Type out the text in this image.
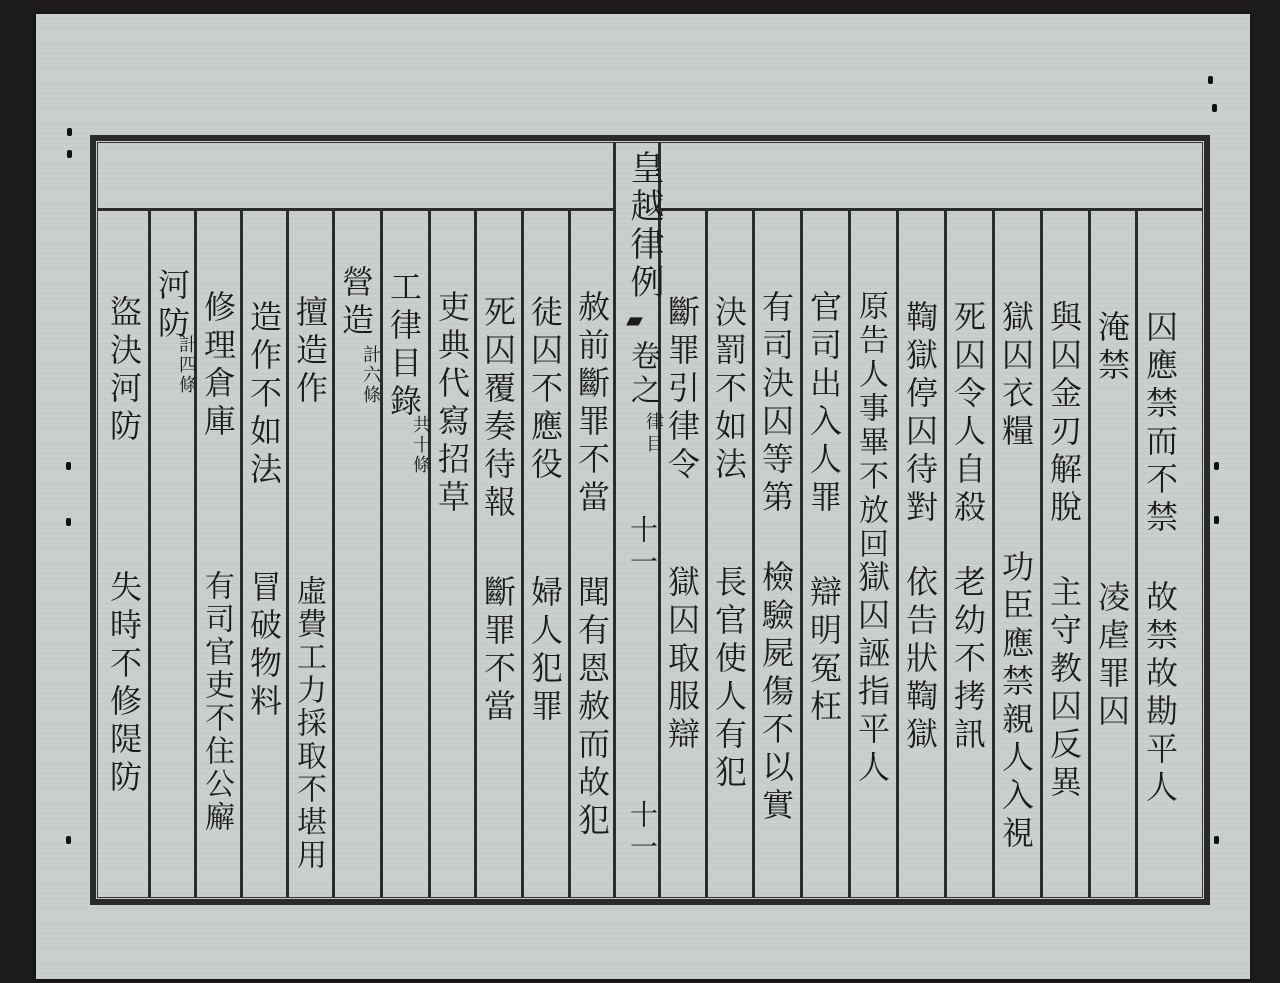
皇越律例
▰
卷之
律目
十一
十一
囚應禁而不禁
故禁故勘平人
淹禁
凌虐罪囚
與囚金刃解脫
主守教囚反異
獄囚衣糧
功臣應禁親人入視
死囚令人自殺
老幼不拷訊
鞫獄停囚待對
依告狀鞫獄
原告人事畢不放回
獄囚誣指平人
官司出入人罪
辯明冤枉
有司決囚等第
檢驗屍傷不以實
決罰不如法
長官使人有犯
斷罪引律令
獄囚取服辯
赦前斷罪不當
聞有恩赦而故犯
徒囚不應役
婦人犯罪
死囚覆奏待報
斷罪不當
吏典代寫招草
工律目錄
共十條
營造
計六條
擅造作
虛費工力採取不堪用
造作不如法
冒破物料
修理倉庫
有司官吏不住公廨
河防
計四條
盜決河防
失時不修隄防
